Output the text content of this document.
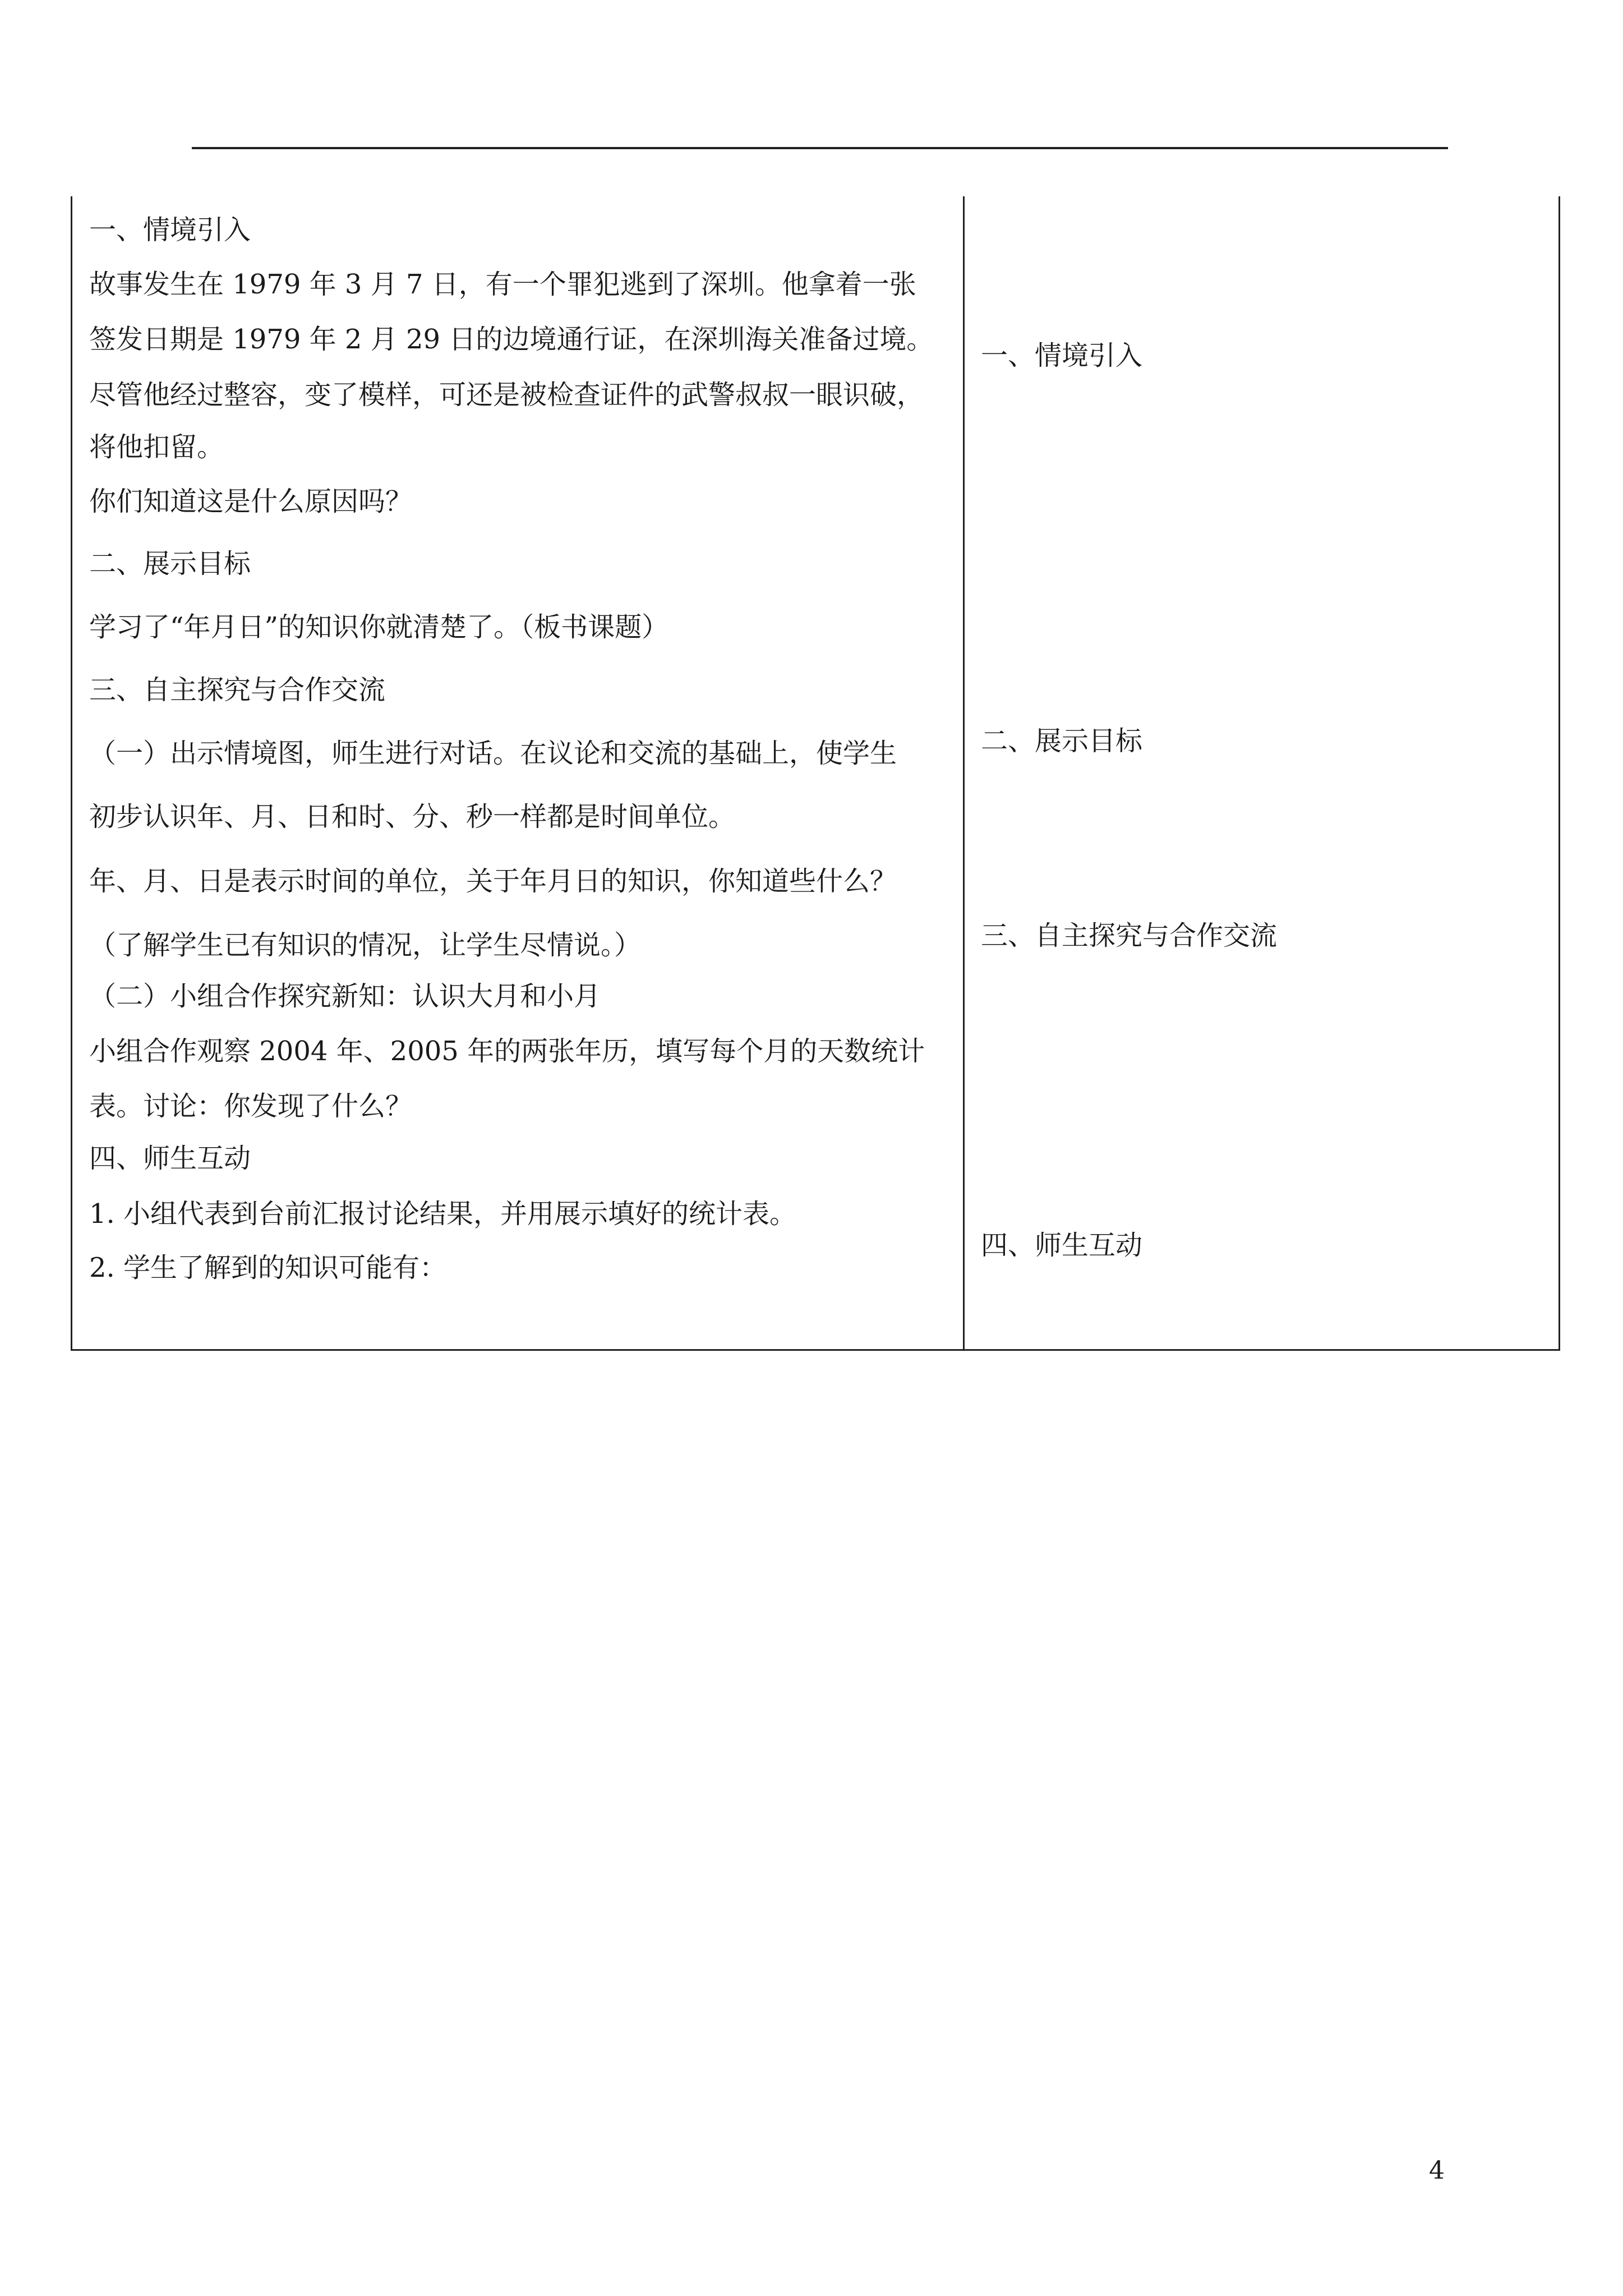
一、情境引入
故事发生在 1979 年 3 月 7 日，有一个罪犯逃到了深圳。他拿着一张
签发日期是 1979 年 2 月 29 日的边境通行证，在深圳海关准备过境。
尽管他经过整容，变了模样，可还是被检查证件的武警叔叔一眼识破，
将他扣留。
你们知道这是什么原因吗？
二、展示目标
学习了“年月日”的知识你就清楚了。（板书课题）
三、自主探究与合作交流
（一）出示情境图，师生进行对话。在议论和交流的基础上，使学生
初步认识年、月、日和时、分、秒一样都是时间单位。
年、月、日是表示时间的单位，关于年月日的知识，你知道些什么？
（了解学生已有知识的情况，让学生尽情说。）
（二）小组合作探究新知：认识大月和小月
小组合作观察 2004 年、2005 年的两张年历，填写每个月的天数统计
表。讨论：你发现了什么？
四、师生互动
1. 小组代表到台前汇报讨论结果，并用展示填好的统计表。
2. 学生了解到的知识可能有：
一、情境引入
二、展示目标
三、自主探究与合作交流
四、师生互动
4
